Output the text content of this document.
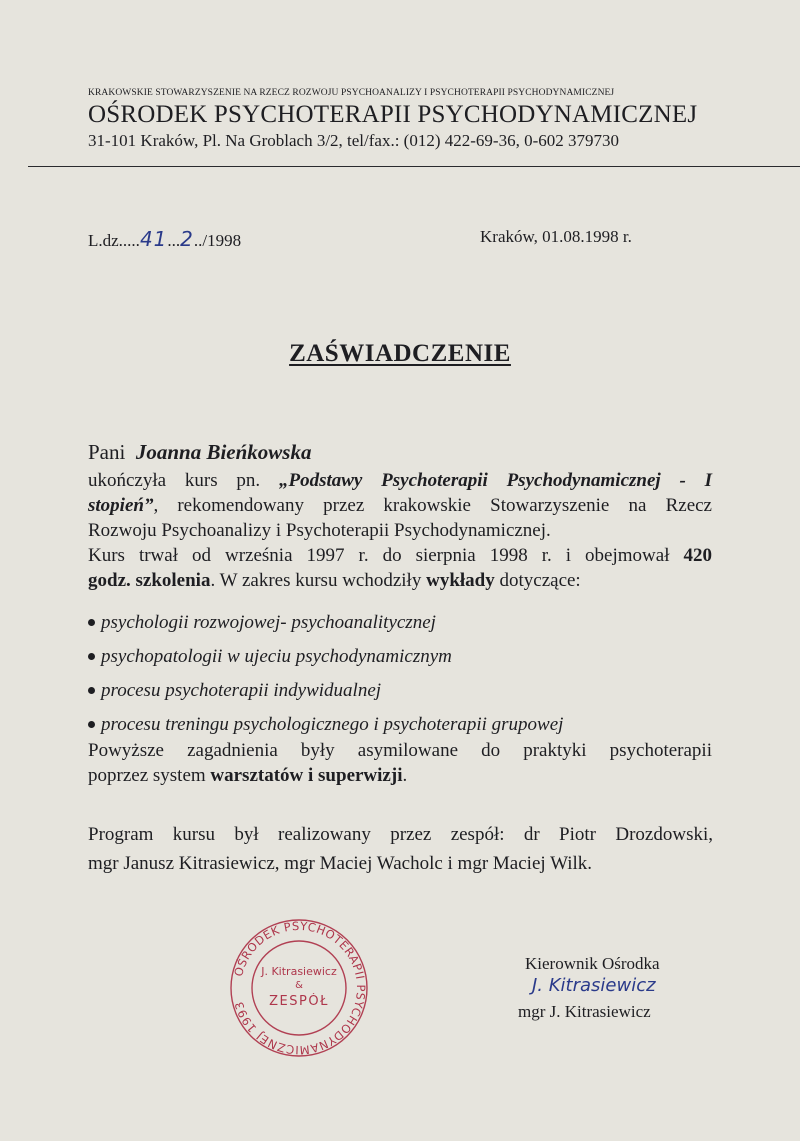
KRAKOWSKIE STOWARZYSZENIE NA RZECZ ROZWOJU PSYCHOANALIZY I PSYCHOTERAPII PSYCHODYNAMICZNEJ
OŚRODEK PSYCHOTERAPII PSYCHODYNAMICZNEJ
31-101 Kraków, Pl. Na Groblach 3/2, tel/fax.: (012) 422-69-36, 0-602 379730
L.dz.....41...2../1998	Kraków, 01.08.1998 r.
ZAŚWIADCZENIE
Pani Joanna Bieńkowska
ukończyła kurs pn. „Podstawy Psychoterapii Psychodynamicznej - I
stopień”, rekomendowany przez krakowskie Stowarzyszenie na Rzecz
Rozwoju Psychoanalizy i Psychoterapii Psychodynamicznej.
Kurs trwał od września 1997 r. do sierpnia 1998 r. i obejmował 420
godz. szkolenia. W zakres kursu wchodziły wykłady dotyczące:
psychologii rozwojowej- psychoanalitycznej
psychopatologii w ujeciu psychodynamicznym
procesu psychoterapii indywidualnej
procesu treningu psychologicznego i psychoterapii grupowej
Powyższe zagadnienia były asymilowane do praktyki psychoterapii
poprzez system warsztatów i superwizji.
Program kursu był realizowany przez zespół: dr Piotr Drozdowski,
mgr Janusz Kitrasiewicz, mgr Maciej Wacholc i mgr Maciej Wilk.
OŚRODEK PSYCHOTERAPII PSYCHODYNAMICZNEJ 1993
J. Kitrasiewicz
&
ZESPÓŁ
Kierownik Ośrodka
J. Kitrasiewicz
mgr J. Kitrasiewicz
